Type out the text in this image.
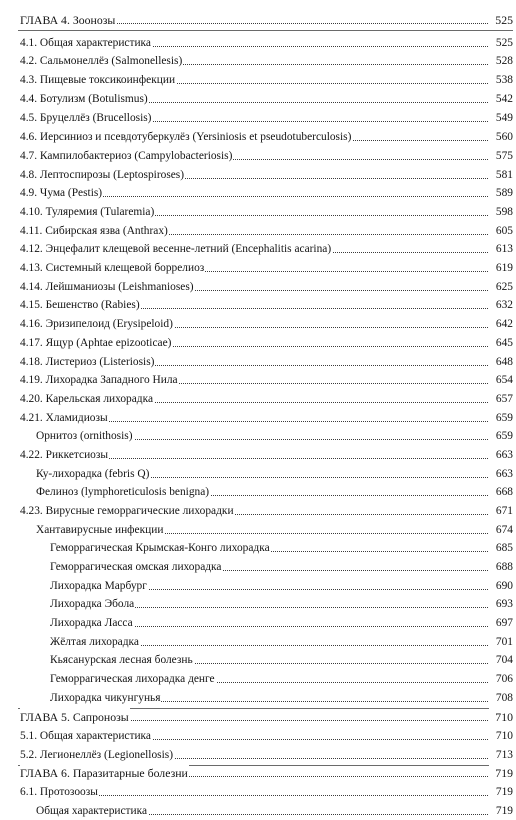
ГЛАВА 4. Зоонозы	525
4.1. Общая характеристика	525
4.2. Сальмонеллёз (Salmonellesis)	528
4.3. Пищевые токсикоинфекции	538
4.4. Ботулизм (Botulismus)	542
4.5. Бруцеллёз (Brucellosis)	549
4.6. Иерсиниоз и псевдотуберкулёз (Yersiniosis et pseudotuberculosis)	560
4.7. Кампилобактериоз (Campylobacteriosis)	575
4.8. Лептоспирозы (Leptospiroses)	581
4.9. Чума (Pestis)	589
4.10. Туляремия (Tularemia)	598
4.11. Сибирская язва (Anthrax)	605
4.12. Энцефалит клещевой весенне-летний (Encephalitis acarina)	613
4.13. Системный клещевой боррелиоз	619
4.14. Лейшманиозы (Leishmanioses)	625
4.15. Бешенство (Rabies)	632
4.16. Эризипелоид (Erysipeloid)	642
4.17. Ящур (Aphtae epizooticae)	645
4.18. Листериоз (Listeriosis)	648
4.19. Лихорадка Западного Нила	654
4.20. Карельская лихорадка	657
4.21. Хламидиозы	659
Орнитоз (ornithosis)	659
4.22. Риккетсиозы	663
Ку-лихорадка (febris Q)	663
Фелиноз (lymphoreticulosis benigna)	668
4.23. Вирусные геморрагические лихорадки	671
Хантавирусные инфекции	674
Геморрагическая Крымская-Конго лихорадка	685
Геморрагическая омская лихорадка	688
Лихорадка Марбург	690
Лихорадка Эбола	693
Лихорадка Ласса	697
Жёлтая лихорадка	701
Кьясанурская лесная болезнь	704
Геморрагическая лихорадка денге	706
Лихорадка чикунгунья	708
ГЛАВА 5. Сапронозы	710
5.1. Общая характеристика	710
5.2. Легионеллёз (Legionellosis)	713
ГЛАВА 6. Паразитарные болезни	719
6.1. Протозоозы	719
Общая характеристика	719
